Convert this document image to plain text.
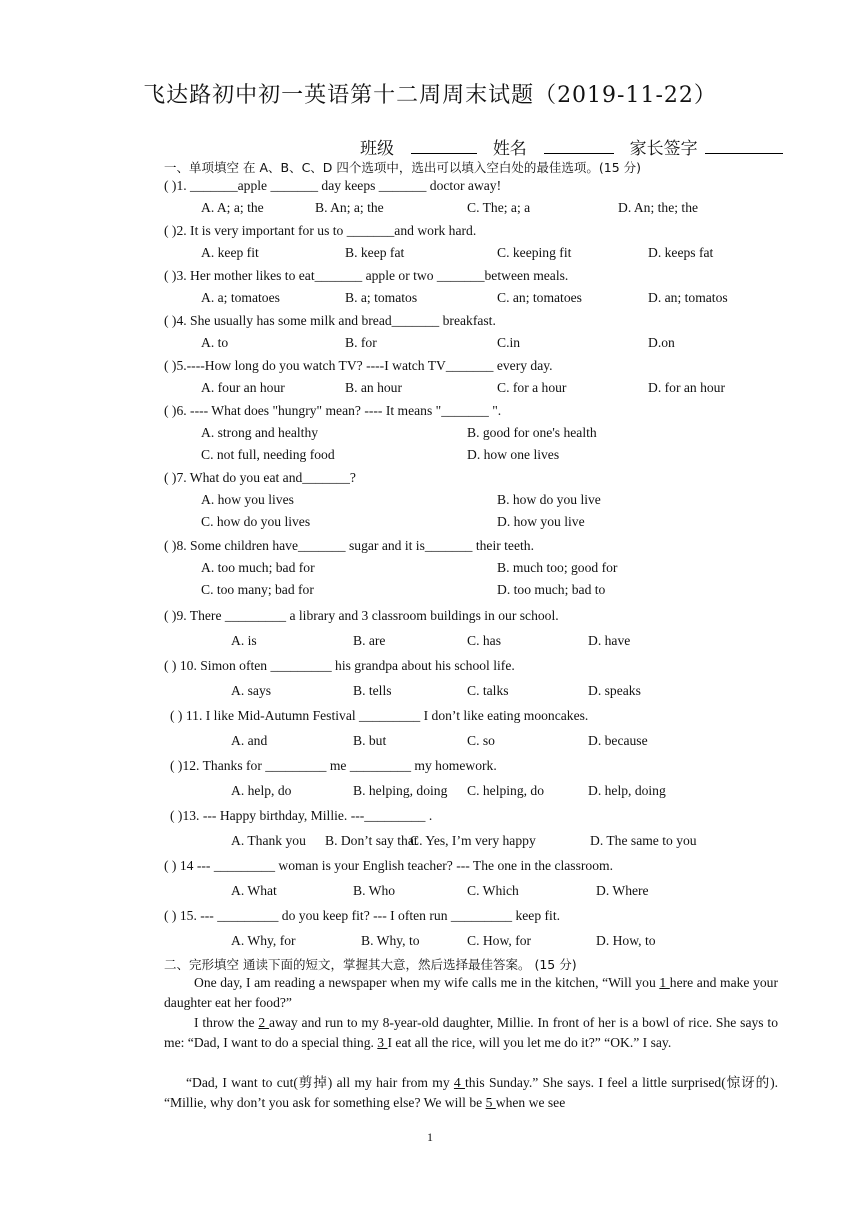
飞达路初中初一英语第十二周周末试题（2019-11-22）
班级	姓名	家长签字
一、单项填空 在 A、B、C、D 四个选项中，选出可以填入空白处的最佳选项。(15 分)
( )1. _______apple _______ day keeps _______ doctor away!
A. A; a; the	B. An; a; the	C. The; a; a	D. An; the; the
( )2. It is very important for us to _______and work hard.
A. keep fit	B. keep fat	C. keeping fit	D. keeps fat
( )3. Her mother likes to eat_______ apple or two _______between meals.
A. a; tomatoes	B. a; tomatos	C. an; tomatoes	D. an; tomatos
( )4. She usually has some milk and bread_______ breakfast.
A. to	B. for	C.in	D.on
( )5.----How long do you watch TV? ----I watch TV_______ every day.
A. four an hour	B. an hour	C. for a hour	D. for an hour
( )6. ---- What does "hungry" mean? ---- It means "_______ ".
A. strong and healthy	B. good for one's health
C. not full, needing food	D. how one lives
( )7. What do you eat and_______?
A. how you lives	B. how do you live
C. how do you lives	D. how you live
( )8. Some children have_______ sugar and it is_______ their teeth.
A. too much; bad for	B. much too; good for
C. too many; bad for	D. too much; bad to
( )9. There _________ a library and 3 classroom buildings in our school.
A. is	B. are	C. has	D. have
( ) 10. Simon often _________ his grandpa about his school life.
A. says	B. tells	C. talks	D. speaks
( ) 11. I like Mid-Autumn Festival _________ I don’t like eating mooncakes.
A. and	B. but	C. so	D. because
( )12. Thanks for _________ me _________ my homework.
A. help, do	B. helping, doing C. helping, do	D. help, doing
( )13. --- Happy birthday, Millie. ---_________ .
A. Thank you B. Don’t say that
C. Yes, I’m very happy	D. The same to you
( ) 14 --- _________ woman is your English teacher? --- The one in the classroom.
A. What	B. Who	C. Which	D. Where
( ) 15. --- _________ do you keep fit? --- I often run _________ keep fit.
A. Why, for	B. Why, to	C. How, for	D. How, to
二、完形填空 通读下面的短文，掌握其大意，然后选择最佳答案。 (15 分)
One day, I am reading a newspaper when my wife calls me in the kitchen, “Will you 1 here and make your daughter eat her food?”
I throw the 2 away and run to my 8-year-old daughter, Millie. In front of her is a bowl of rice. She says to me: “Dad, I want to do a special thing. 3 I eat all the rice, will you let me do it?” “OK.” I say.
“Dad, I want to cut(剪掉) all my hair from my 4 this Sunday.” She says. I feel a little surprised(惊讶的). “Millie, why don’t you ask for something else? We will be 5 when we see
1
